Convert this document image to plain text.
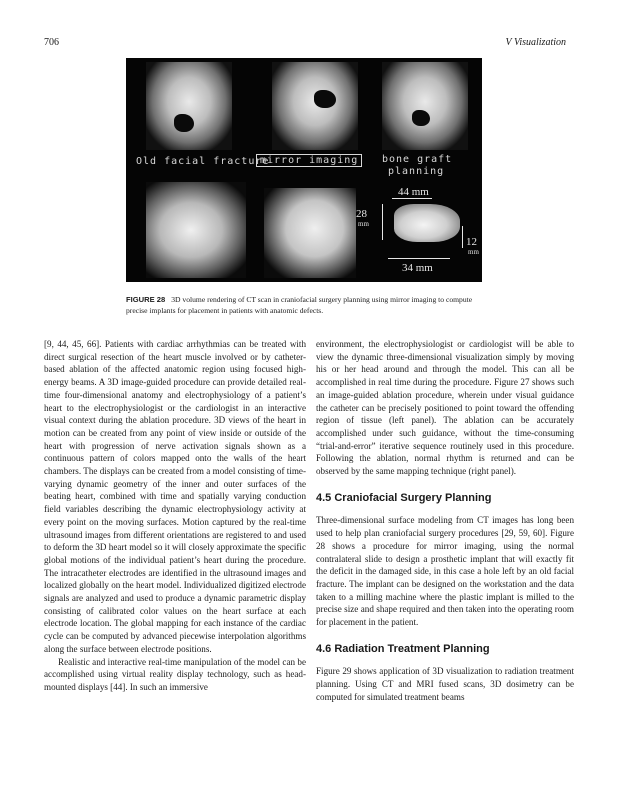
706	V Visualization
Old facial fracture
mirror imaging	bone graft
planning
44 mm
28
mm
12
mm
34 mm
FIGURE 28 3D volume rendering of CT scan in craniofacial surgery planning using mirror imaging to compute precise implants for placement in patients with anatomic defects.

[9, 44, 45, 66]. Patients with cardiac arrhythmias can be treated with direct surgical resection of the heart muscle involved or by catheter-based ablation of the affected anatomic region using focused high-energy beams. A 3D image-guided procedure can provide detailed real-time four-dimensional anatomy and electrophysiology of a patient’s heart to the electrophysiologist or the cardiologist in an interactive visual context during the ablation procedure. 3D views of the heart in motion can be created from any point of view inside or outside of the heart with progression of nerve activation signals shown as a continuous pattern of colors mapped onto the walls of the heart chambers. The displays can be created from a model consisting of time-varying dynamic geometry of the inner and outer surfaces of the beating heart, combined with time and spatially varying conduction field variables describing the dynamic electrophysiology activity at every point on the moving surfaces. Motion captured by the real-time ultrasound images from different orientations are registered to and used to deform the 3D heart model so it will closely approximate the specific global motions of the individual patient’s heart during the procedure. The intracatheter electrodes are identified in the ultrasound images and localized globally on the heart model. Individualized digitized electrode signals are analyzed and used to produce a dynamic parametric display consisting of calibrated color values on the heart surface at each electrode location. The global mapping for each instance of the cardiac cycle can be computed by advanced piecewise interpolation algorithms along the surface between electrode positions.

Realistic and interactive real-time manipulation of the model can be accomplished using virtual reality display technology, such as head-mounted displays [44]. In such an immersive

environment, the electrophysiologist or cardiologist will be able to view the dynamic three-dimensional visualization simply by moving his or her head around and through the model. This can all be accomplished in real time during the procedure. Figure 27 shows such an image-guided ablation procedure, wherein under visual guidance the catheter can be precisely positioned to point toward the offending region of tissue (left panel). The ablation can be accurately accomplished under such guidance, without the time-consuming “trial-and-error” iterative sequence routinely used in this procedure. Following the ablation, normal rhythm is returned and can be observed by the same mapping technique (right panel).

4.5 Craniofacial Surgery Planning

Three-dimensional surface modeling from CT images has long been used to help plan craniofacial surgery procedures [29, 59, 60]. Figure 28 shows a procedure for mirror imaging, using the normal contralateral slide to design a prosthetic implant that will exactly fit the deficit in the damaged side, in this case a hole left by an old facial fracture. The implant can be designed on the workstation and the data taken to a milling machine where the plastic implant is milled to the precise size and shape required and then taken into the operating room for placement in the patient.

4.6 Radiation Treatment Planning

Figure 29 shows application of 3D visualization to radiation treatment planning. Using CT and MRI fused scans, 3D dosimetry can be computed for simulated treatment beams
